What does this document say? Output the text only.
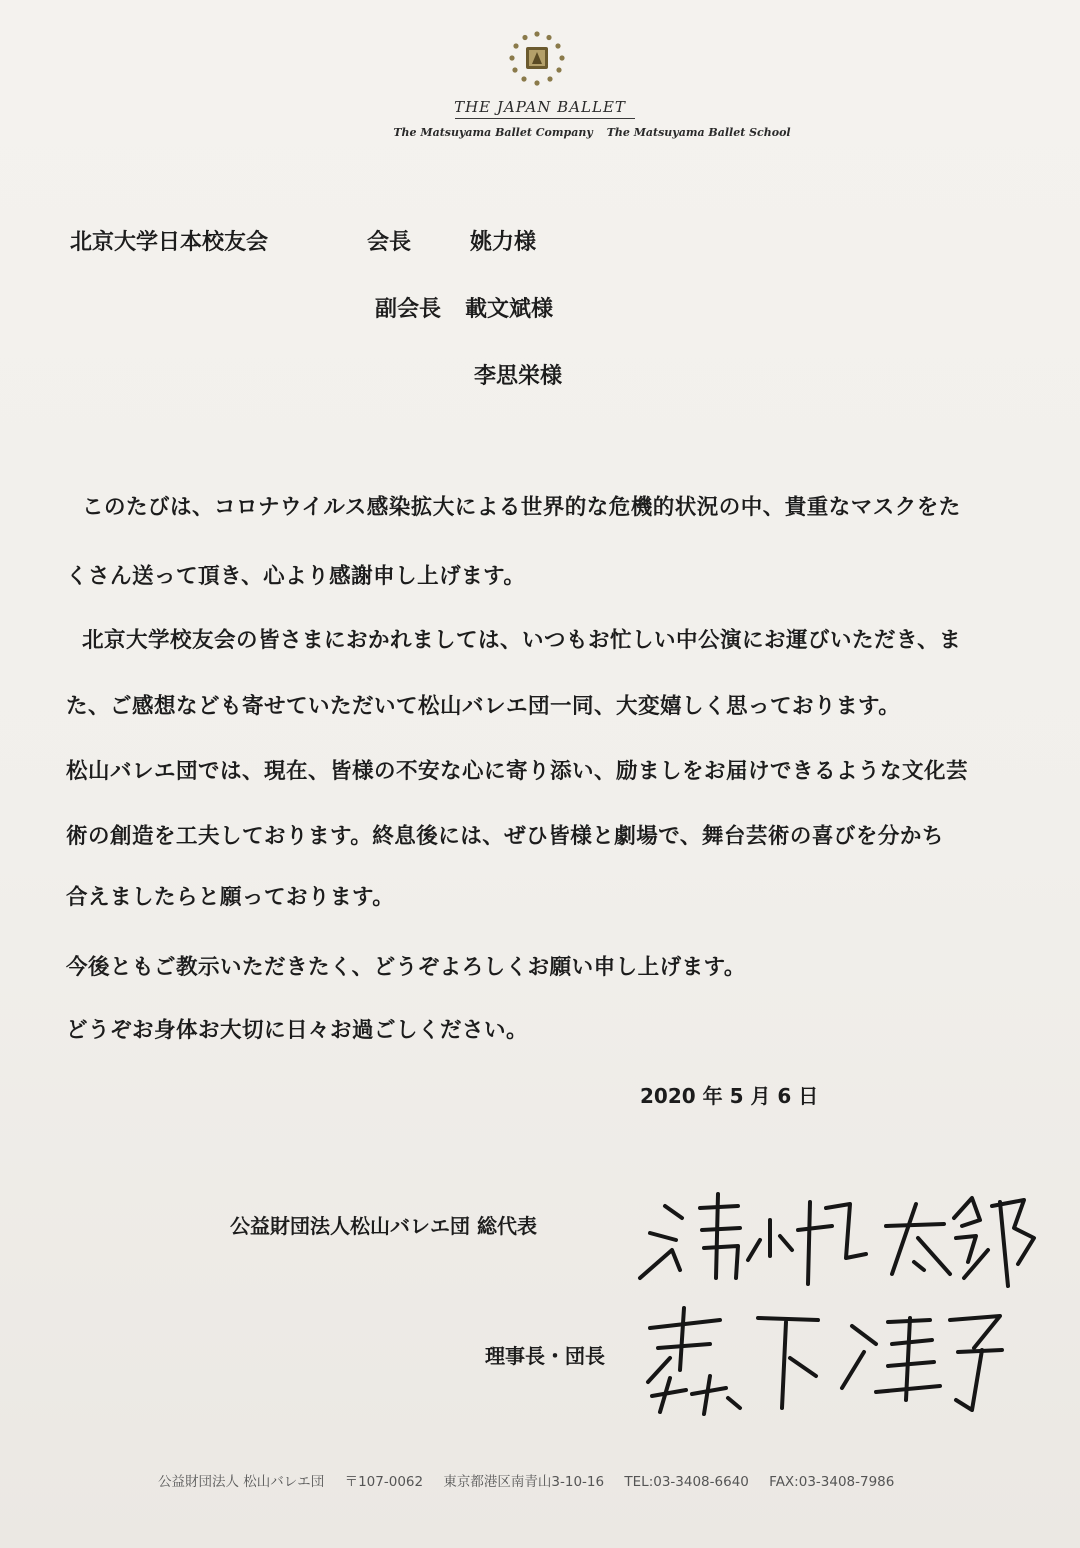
THE JAPAN BALLET
The Matsuyama Ballet Company The Matsuyama Ballet School
北京大学日本校友会	会長	姚力様
副会長 載文斌様
李思栄様
このたびは、コロナウイルス感染拡大による世界的な危機的状況の中、貴重なマスクをた
くさん送って頂き、心より感謝申し上げます。
北京大学校友会の皆さまにおかれましては、いつもお忙しい中公演にお運びいただき、ま
た、ご感想なども寄せていただいて松山バレエ団一同、大変嬉しく思っております。
松山バレエ団では、現在、皆様の不安な心に寄り添い、励ましをお届けできるような文化芸
術の創造を工夫しております。終息後には、ぜひ皆様と劇場で、舞台芸術の喜びを分かち
合えましたらと願っております。
今後ともご教示いただきたく、どうぞよろしくお願い申し上げます。
どうぞお身体お大切に日々お過ごしください。
2020 年 5 月 6 日
公益財団法人松山バレエ団 総代表
理事長・団長
公益財団法人 松山バレエ団 〒107-0062 東京都港区南青山3-10-16 TEL:03-3408-6640 FAX:03-3408-7986
